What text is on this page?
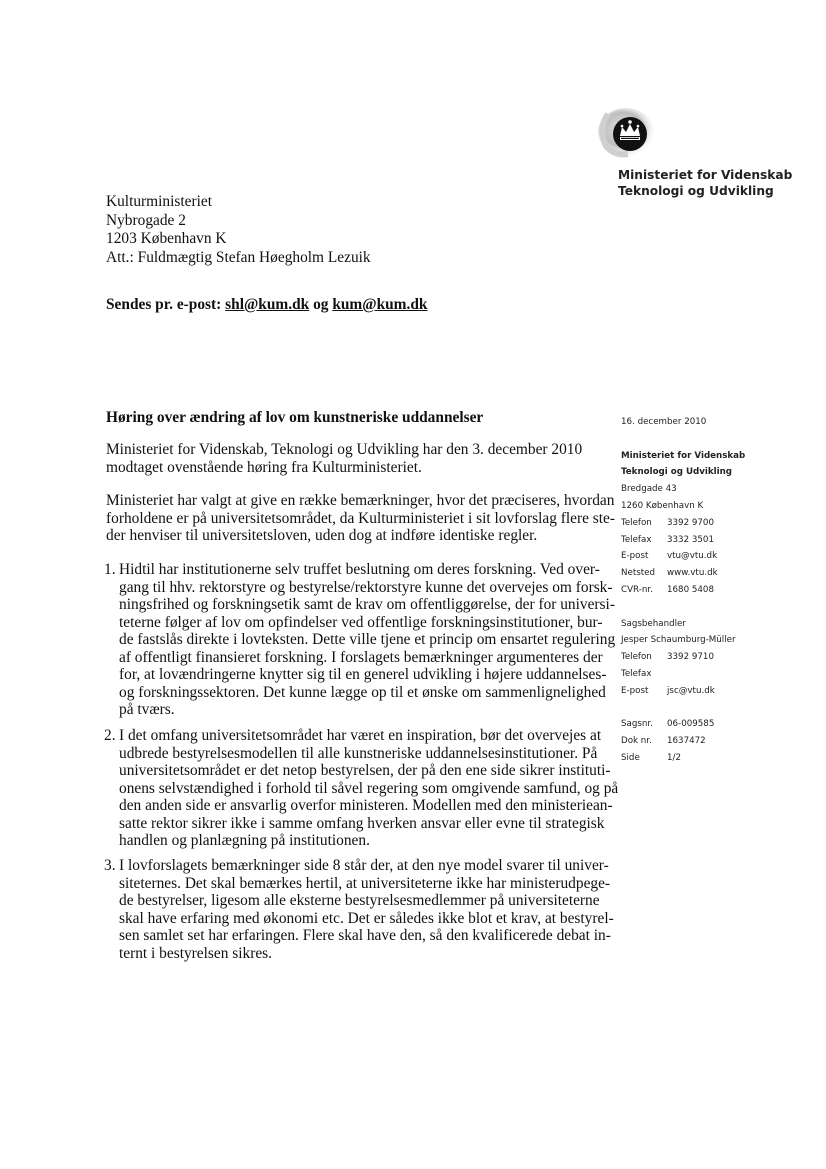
Ministeriet for Videnskab
Teknologi og Udvikling
Kulturministeriet
Nybrogade 2
1203 København K
Att.: Fuldmægtig Stefan Høegholm Lezuik
Sendes pr. e-post: shl@kum.dk og kum@kum.dk
Høring over ændring af lov om kunstneriske uddannelser
Ministeriet for Videnskab, Teknologi og Udvikling har den 3. december 2010
modtaget ovenstående høring fra Kulturministeriet.
Ministeriet har valgt at give en række bemærkninger, hvor det præciseres, hvordan
forholdene er på universitetsområdet, da Kulturministeriet i sit lovforslag flere ste-
der henviser til universitetsloven, uden dog at indføre identiske regler.
1. Hidtil har institutionerne selv truffet beslutning om deres forskning. Ved over-
gang til hhv. rektorstyre og bestyrelse/rektorstyre kunne det overvejes om forsk-
ningsfrihed og forskningsetik samt de krav om offentliggørelse, der for universi-
teterne følger af lov om opfindelser ved offentlige forskningsinstitutioner, bur-
de fastslås direkte i lovteksten. Dette ville tjene et princip om ensartet regulering
af offentligt finansieret forskning. I forslagets bemærkninger argumenteres der
for, at lovændringerne knytter sig til en generel udvikling i højere uddannelses-
og forskningssektoren. Det kunne lægge op til et ønske om sammenlignelighed
på tværs.
2. I det omfang universitetsområdet har været en inspiration, bør det overvejes at
udbrede bestyrelsesmodellen til alle kunstneriske uddannelsesinstitutioner. På
universitetsområdet er det netop bestyrelsen, der på den ene side sikrer instituti-
onens selvstændighed i forhold til såvel regering som omgivende samfund, og på
den anden side er ansvarlig overfor ministeren. Modellen med den ministeriean-
satte rektor sikrer ikke i samme omfang hverken ansvar eller evne til strategisk
handlen og planlægning på institutionen.
3. I lovforslagets bemærkninger side 8 står der, at den nye model svarer til univer-
siteternes. Det skal bemærkes hertil, at universiteterne ikke har ministerudpege-
de bestyrelser, ligesom alle eksterne bestyrelsesmedlemmer på universiteterne
skal have erfaring med økonomi etc. Det er således ikke blot et krav, at bestyrel-
sen samlet set har erfaringen. Flere skal have den, så den kvalificerede debat in-
ternt i bestyrelsen sikres.
16. december 2010
Ministeriet for Videnskab
Teknologi og Udvikling
Bredgade 43
1260 København K
Telefon 3392 9700
Telefax 3332 3501
E-post vtu@vtu.dk
Netsted www.vtu.dk
CVR-nr. 1680 5408
Sagsbehandler
Jesper Schaumburg-Müller
Telefon 3392 9710
Telefax
E-post jsc@vtu.dk
Sagsnr. 06-009585
Dok nr. 1637472
Side	1/2
